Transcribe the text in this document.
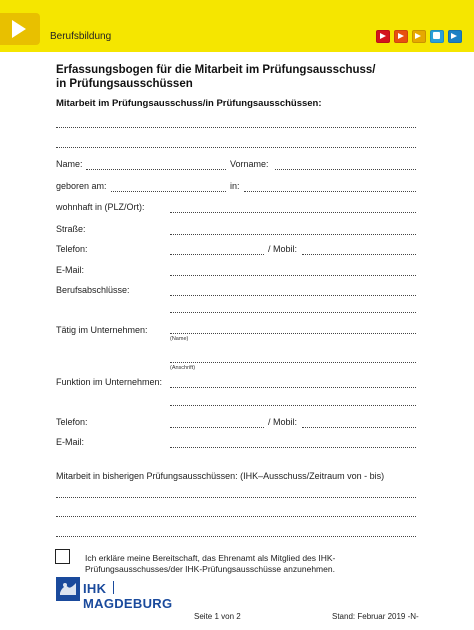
Berufsbildung
Erfassungsbogen für die Mitarbeit im Prüfungsausschuss/
in Prüfungsausschüssen
Mitarbeit im Prüfungsausschuss/in Prüfungsausschüssen:
Name:	Vorname:
geboren am:	in:
wohnhaft in (PLZ/Ort):
Straße:
Telefon:	/ Mobil:
E-Mail:
Berufsabschlüsse:
Tätig im Unternehmen:
(Name)
(Anschrift)
Funktion im Unternehmen:
Telefon:	/ Mobil:
E-Mail:
Mitarbeit in bisherigen Prüfungsausschüssen: (IHK–Ausschuss/Zeitraum von - bis)
Ich erkläre meine Bereitschaft, das Ehrenamt als Mitglied des IHK-
Prüfungsausschusses/der IHK-Prüfungsausschüsse anzunehmen.
IHK  MAGDEBURG
Seite 1 von 2	Stand: Februar 2019 -N-
